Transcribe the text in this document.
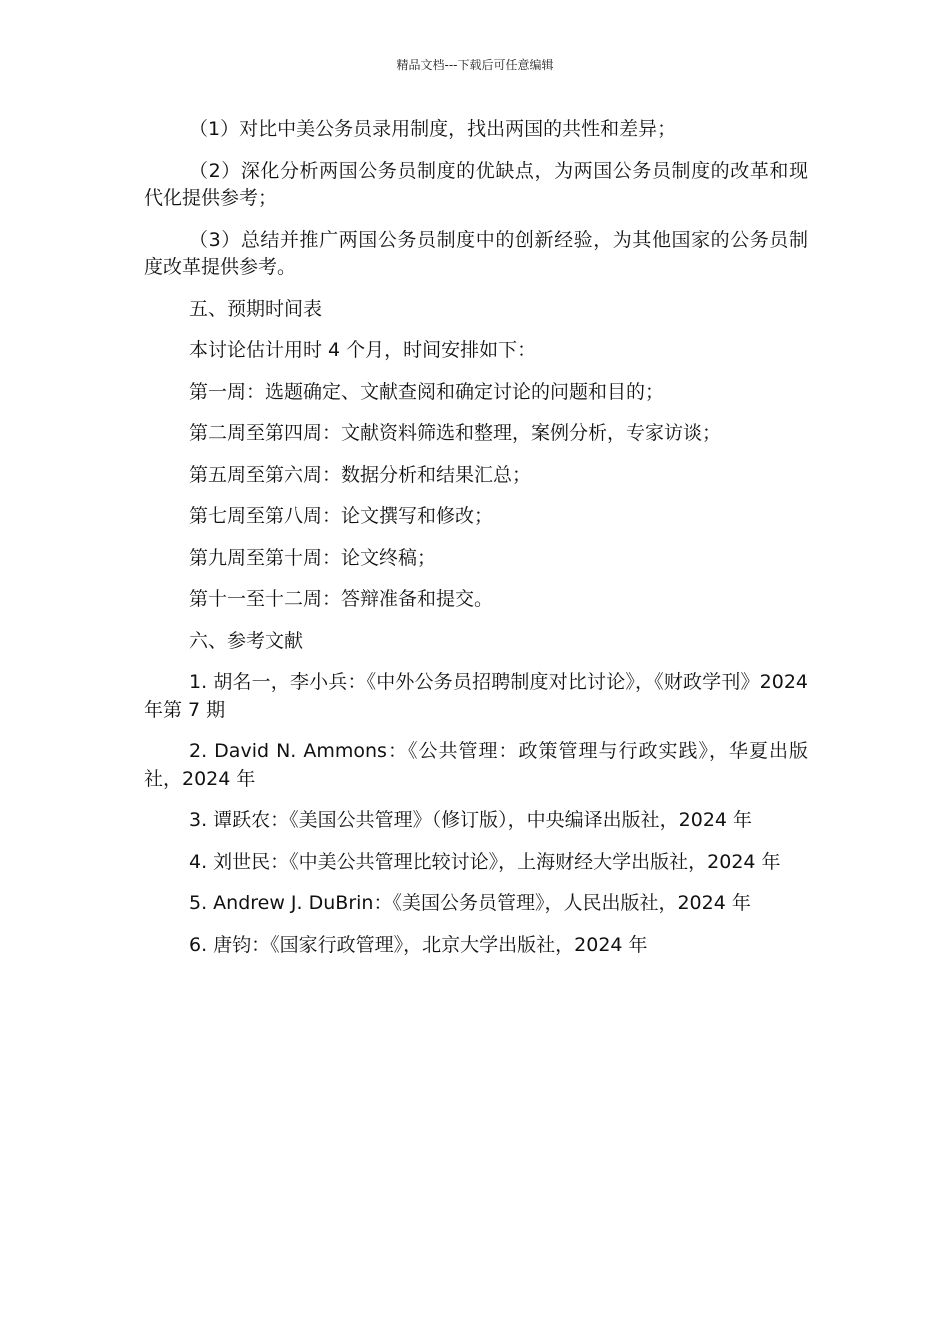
精品文档---下载后可任意编辑

（1）对比中美公务员录用制度，找出两国的共性和差异；

（2）深化分析两国公务员制度的优缺点，为两国公务员制度的改革和现代化提供参考；

（3）总结并推广两国公务员制度中的创新经验，为其他国家的公务员制度改革提供参考。

五、预期时间表

本讨论估计用时 4 个月，时间安排如下：

第一周：选题确定、文献查阅和确定讨论的问题和目的；

第二周至第四周：文献资料筛选和整理，案例分析，专家访谈；

第五周至第六周：数据分析和结果汇总；

第七周至第八周：论文撰写和修改；

第九周至第十周：论文终稿；

第十一至十二周：答辩准备和提交。

六、参考文献

1. 胡名一，李小兵：《中外公务员招聘制度对比讨论》，《财政学刊》2024 年第 7 期

2. David N. Ammons：《公共管理：政策管理与行政实践》，华夏出版社，2024 年

3. 谭跃农：《美国公共管理》（修订版），中央编译出版社，2024 年

4. 刘世民：《中美公共管理比较讨论》，上海财经大学出版社，2024 年

5. Andrew J. DuBrin：《美国公务员管理》，人民出版社，2024 年

6. 唐钧：《国家行政管理》，北京大学出版社，2024 年
